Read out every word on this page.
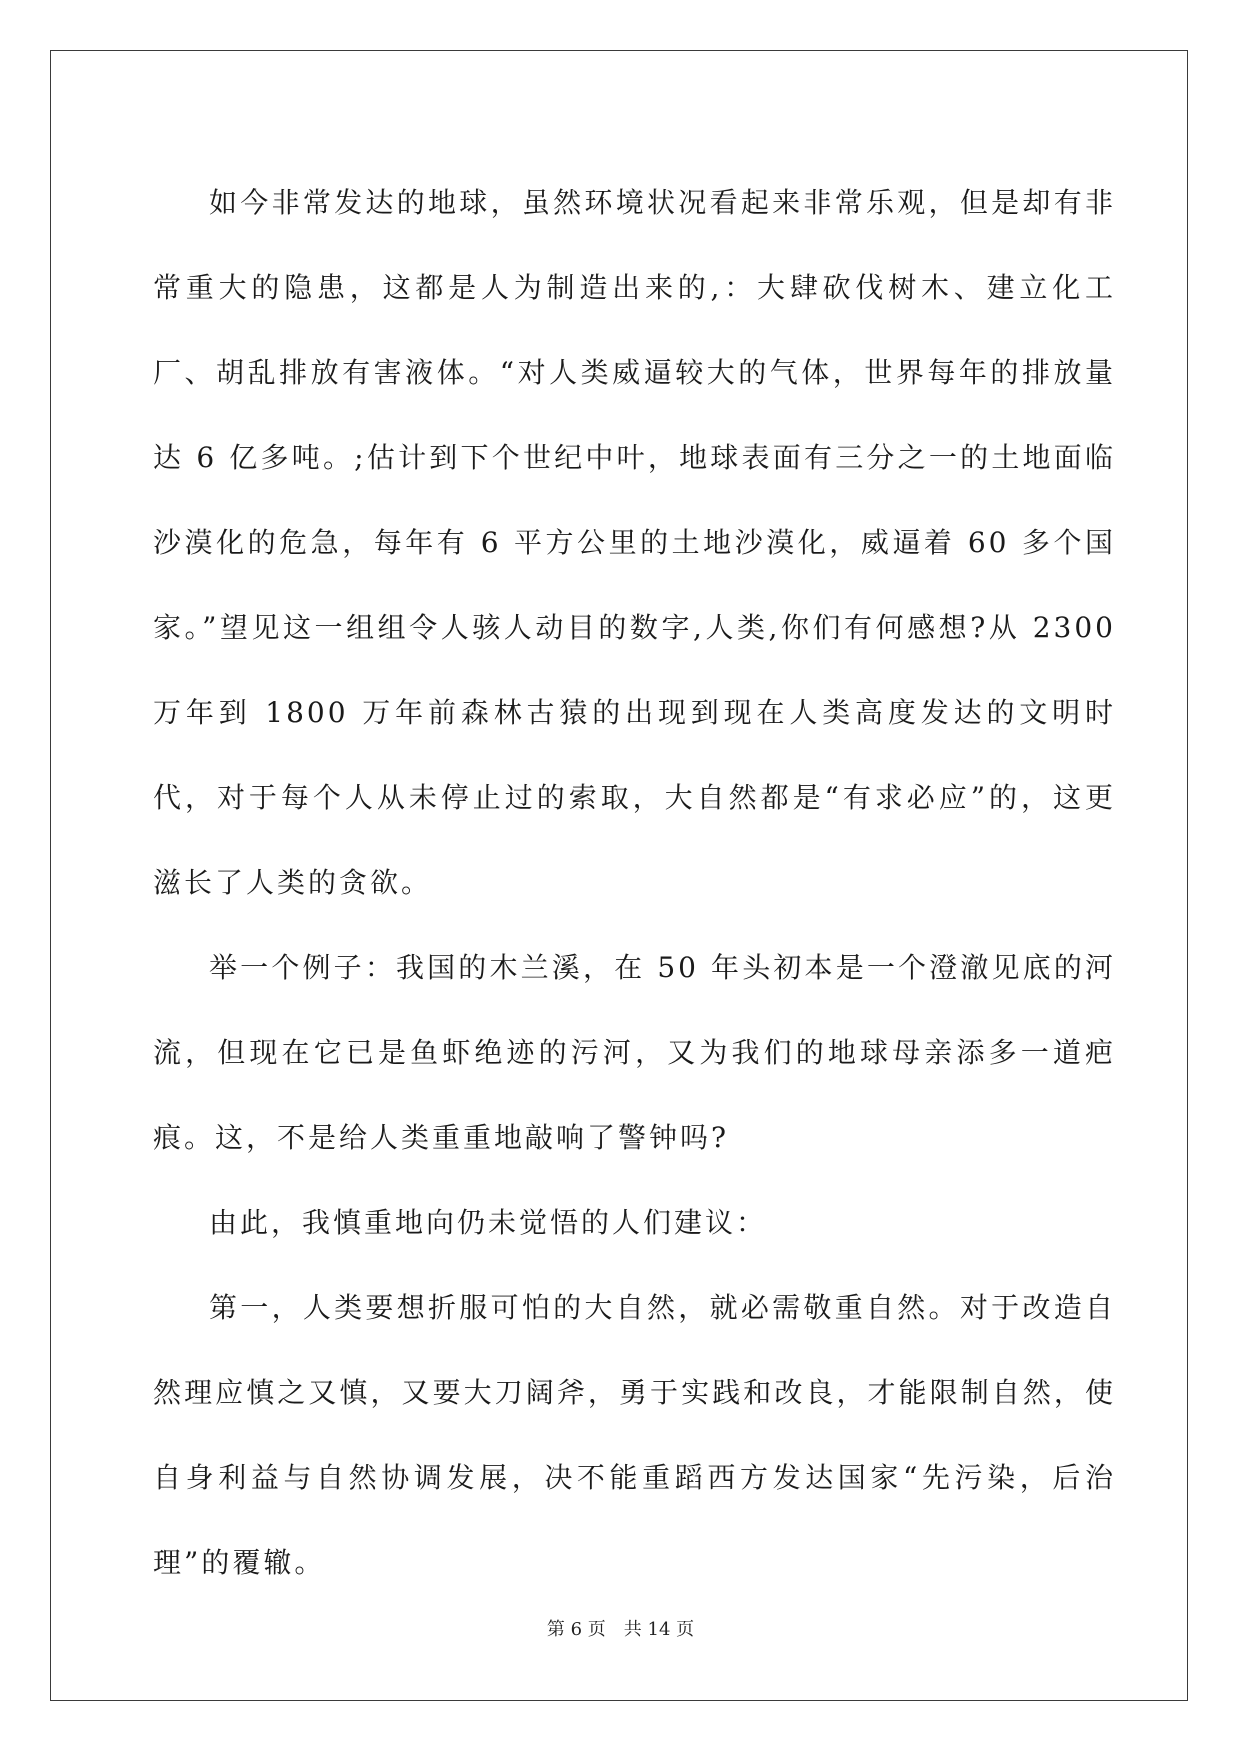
如今非常发达的地球，虽然环境状况看起来非常乐观，但是却有非常重大的隐患，这都是人为制造出来的,：大肆砍伐树木、建立化工厂、胡乱排放有害液体。“对人类威逼较大的气体，世界每年的排放量达 6 亿多吨。;估计到下个世纪中叶，地球表面有三分之一的土地面临沙漠化的危急，每年有 6 平方公里的土地沙漠化，威逼着 60 多个国家。”望见这一组组令人骇人动目的数字,人类,你们有何感想?从 2300 万年到 1800 万年前森林古猿的出现到现在人类高度发达的文明时代，对于每个人从未停止过的索取，大自然都是“有求必应”的，这更滋长了人类的贪欲。

举一个例子：我国的木兰溪，在 50 年头初本是一个澄澈见底的河流，但现在它已是鱼虾绝迹的污河，又为我们的地球母亲添多一道疤痕。这，不是给人类重重地敲响了警钟吗?

由此，我慎重地向仍未觉悟的人们建议：

第一，人类要想折服可怕的大自然，就必需敬重自然。对于改造自然理应慎之又慎，又要大刀阔斧，勇于实践和改良，才能限制自然，使自身利益与自然协调发展，决不能重蹈西方发达国家“先污染，后治理”的覆辙。

第 6 页　共 14 页
